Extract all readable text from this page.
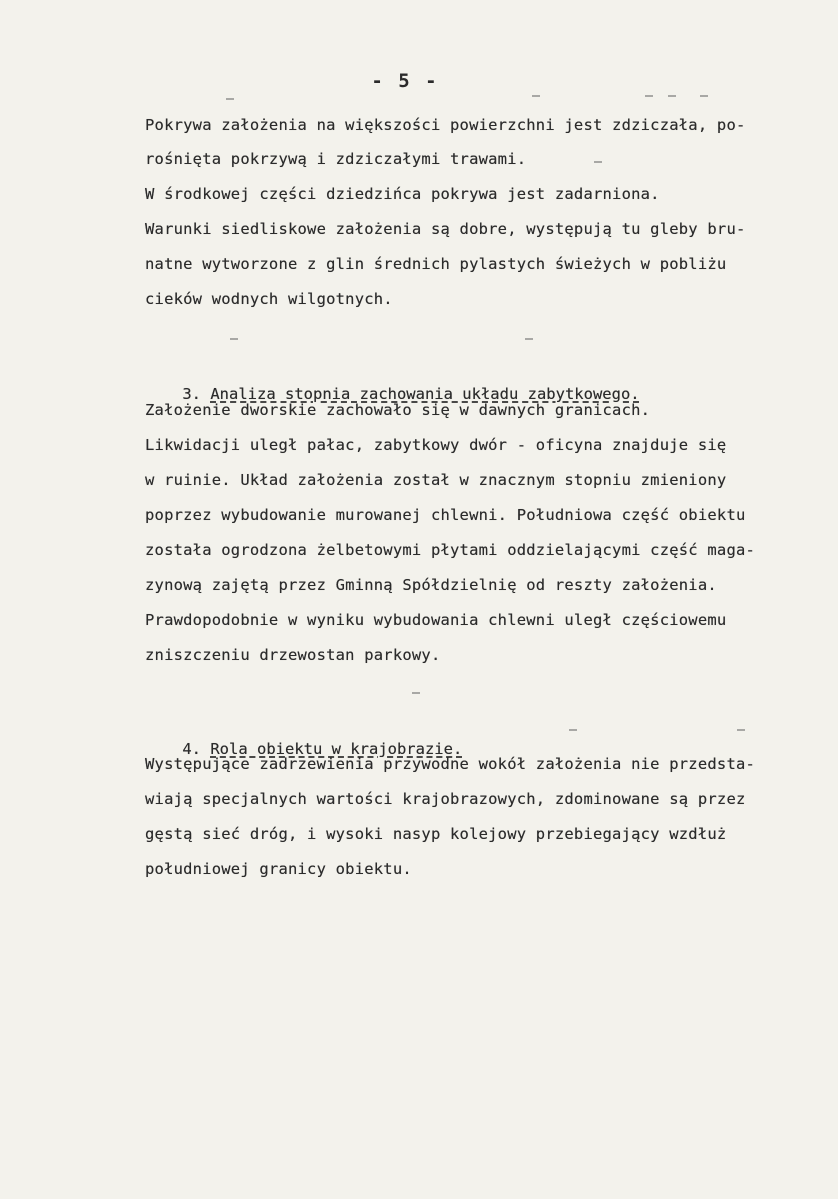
- 5 -
Pokrywa założenia na większości powierzchni jest zdziczała, po-
rośnięta pokrzywą i zdziczałymi trawami.
W środkowej części dziedzińca pokrywa jest zadarniona.
Warunki siedliskowe założenia są dobre, występują tu gleby bru-
natne wytworzone z glin średnich pylastych świeżych w pobliżu
cieków wodnych wilgotnych.

3. Analiza stopnia zachowania układu zabytkowego.

Założenie dworskie zachowało się w dawnych granicach.
Likwidacji uległ pałac, zabytkowy dwór - oficyna znajduje się
w ruinie. Układ założenia został w znacznym stopniu zmieniony
poprzez wybudowanie murowanej chlewni. Południowa część obiektu
została ogrodzona żelbetowymi płytami oddzielającymi część maga-
zynową zajętą przez Gminną Spółdzielnię od reszty założenia.
Prawdopodobnie w wyniku wybudowania chlewni uległ częściowemu
zniszczeniu drzewostan parkowy.

4. Rola obiektu w krajobrazie.

Występujące zadrzewienia przywodne wokół założenia nie przedsta-
wiają specjalnych wartości krajobrazowych, zdominowane są przez
gęstą sieć dróg, i wysoki nasyp kolejowy przebiegający wzdłuż
południowej granicy obiektu.
